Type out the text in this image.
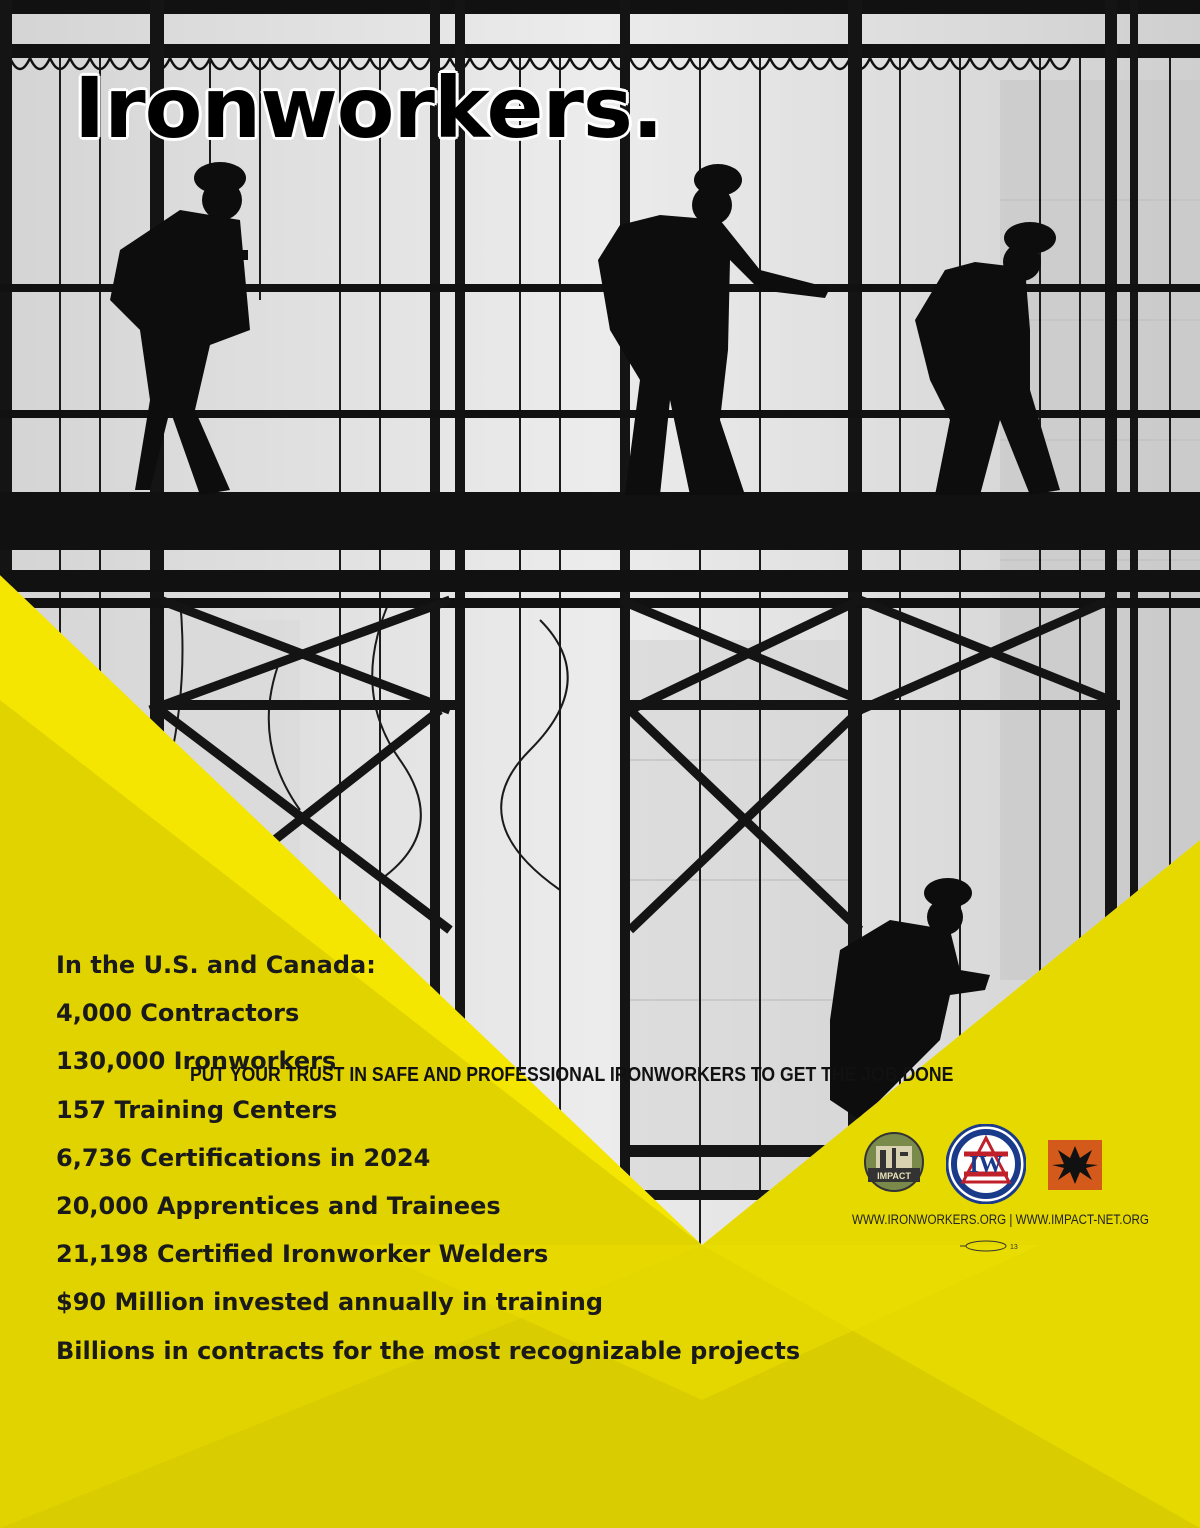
Ironworkers.
In the U.S. and Canada:
4,000 Contractors
130,000 Ironworkers
157 Training Centers
6,736 Certifications in 2024
20,000 Apprentices and Trainees
21,198 Certified Ironworker Welders
$90 Million invested annually in training
Billions in contracts for the most recognizable projects
PUT YOUR TRUST IN SAFE AND PROFESSIONAL IRONWORKERS TO GET THE JOB DONE
IMPACT IW
WWW.IRONWORKERS.ORG | WWW.IMPACT-NET.ORG
13
